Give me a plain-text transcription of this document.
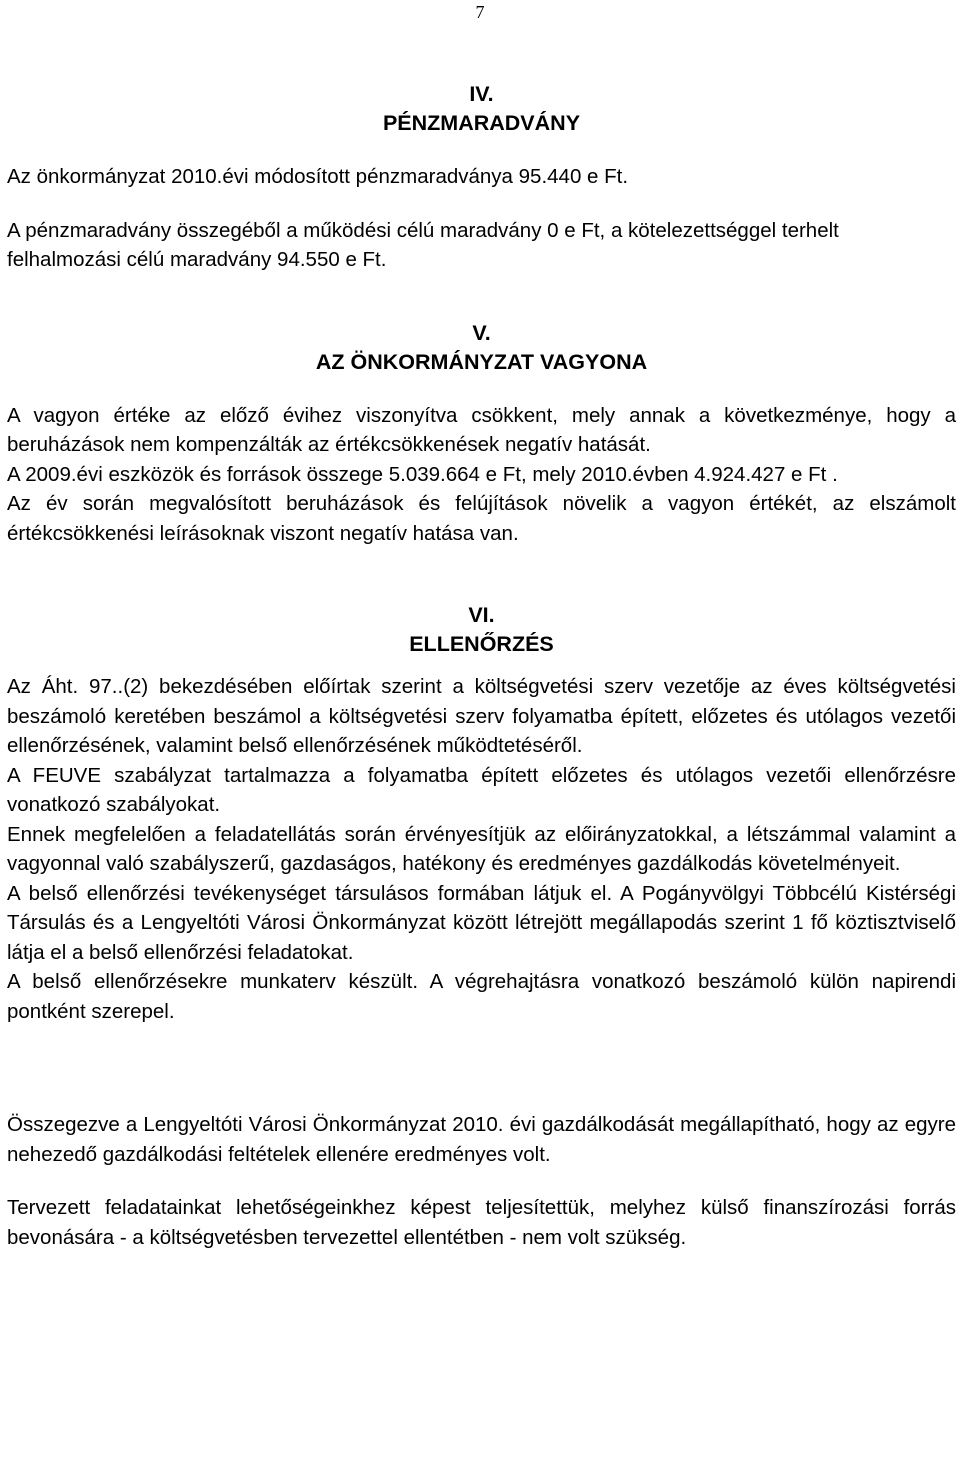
7
IV.
PÉNZMARADVÁNY

Az önkormányzat 2010.évi módosított pénzmaradványa 95.440 e Ft.

A pénzmaradvány összegéből a működési célú maradvány 0 e Ft, a kötelezettséggel terhelt felhalmozási célú maradvány 94.550 e Ft.

V.
AZ ÖNKORMÁNYZAT VAGYONA

A vagyon értéke az előző évihez viszonyítva csökkent, mely annak a következménye, hogy a beruházások nem kompenzálták az értékcsökkenések negatív hatását.

A 2009.évi eszközök és források összege 5.039.664 e Ft, mely 2010.évben 4.924.427 e Ft .

Az év során megvalósított beruházások és felújítások növelik a vagyon értékét, az elszámolt értékcsökkenési leírásoknak viszont negatív hatása van.

VI.
ELLENŐRZÉS

Az Áht. 97..(2) bekezdésében előírtak szerint a költségvetési szerv vezetője az éves költségvetési beszámoló keretében beszámol a költségvetési szerv folyamatba épített, előzetes és utólagos vezetői ellenőrzésének, valamint belső ellenőrzésének működtetéséről.

A FEUVE szabályzat tartalmazza a folyamatba épített előzetes és utólagos vezetői ellenőrzésre vonatkozó szabályokat.

Ennek megfelelően a feladatellátás során érvényesítjük az előirányzatokkal, a létszámmal valamint a vagyonnal való szabályszerű, gazdaságos, hatékony és eredményes gazdálkodás követelményeit.

A belső ellenőrzési tevékenységet társulásos formában látjuk el. A Pogányvölgyi Többcélú Kistérségi Társulás és a Lengyeltóti Városi Önkormányzat között létrejött megállapodás szerint 1 fő köztisztviselő látja el a belső ellenőrzési feladatokat.

A belső ellenőrzésekre munkaterv készült. A végrehajtásra vonatkozó beszámoló külön napirendi pontként szerepel.

Összegezve a Lengyeltóti Városi Önkormányzat 2010. évi gazdálkodását megállapítható, hogy az egyre nehezedő gazdálkodási feltételek ellenére eredményes volt.

Tervezett feladatainkat lehetőségeinkhez képest teljesítettük, melyhez külső finanszírozási forrás bevonására - a költségvetésben tervezettel ellentétben - nem volt szükség.
